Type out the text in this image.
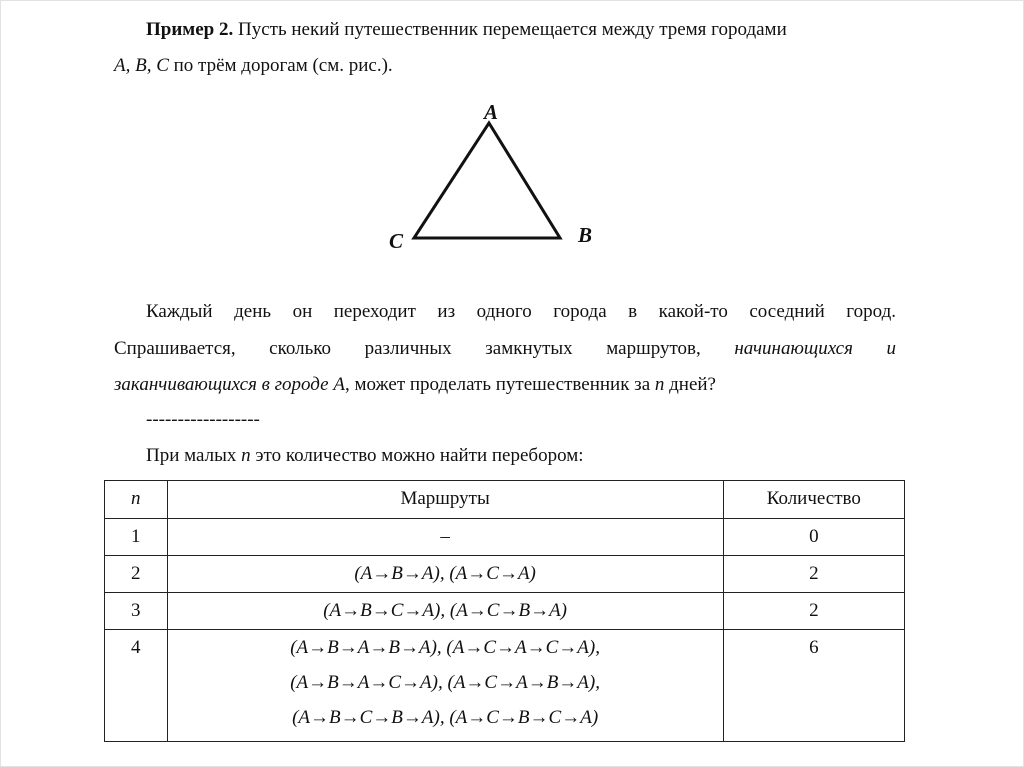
Пример 2. Пусть некий путешественник перемещается между тремя городами
A, B, C по трём дорогам (см. рис.).
A
B
C
Каждый день он переходит из одного города в какой-то соседний город.
Спрашивается, сколько различных замкнутых маршрутов, начинающихся и
заканчивающихся в городе A, может проделать путешественник за n дней?
------------------
При малых n это количество можно найти перебором:
n	Маршруты	Количество

1	–	0

2	(A→B→A), (A→C→A)	2

3	(A→B→C→A), (A→C→B→A)	2

4	(A→B→A→B→A), (A→C→A→C→A),
(A→B→A→C→A), (A→C→A→B→A),
(A→B→C→B→A), (A→C→B→C→A)	6
